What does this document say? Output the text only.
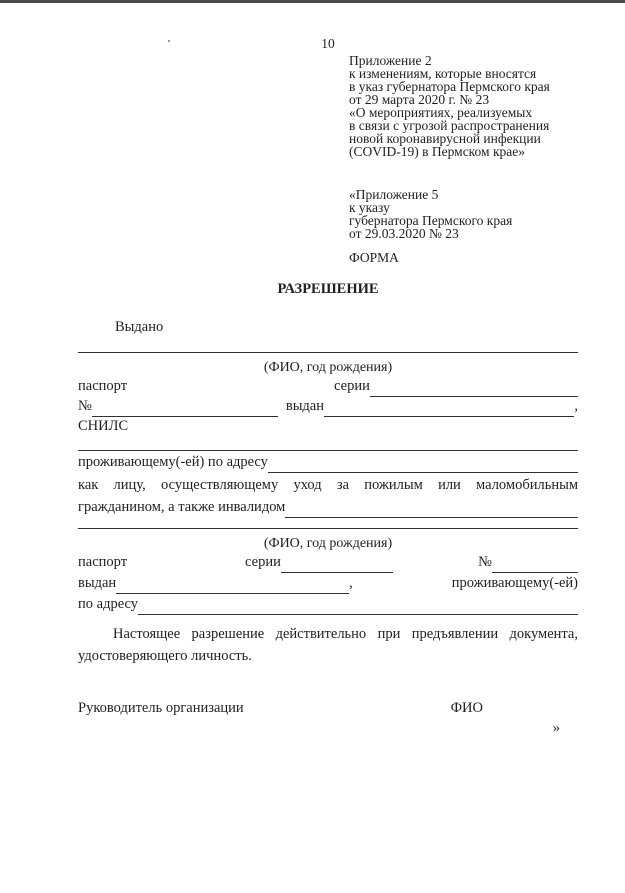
10
Приложение 2
к изменениям, которые вносятся
в указ губернатора Пермского края
от 29 марта 2020 г. № 23
«О мероприятиях, реализуемых
в связи с угрозой распространения
новой коронавирусной инфекции
(COVID-19) в Пермском крае»
«Приложение 5
к указу
губернатора Пермского края
от 29.03.2020 № 23
ФОРМА
РАЗРЕШЕНИЕ
Выдано
(ФИО, год рождения)
паспорт	серии
№	выдан	,
СНИЛС
проживающему(-ей) по адресу
как лицу, осуществляющему уход за пожилым или маломобильным
гражданином, а также инвалидом
(ФИО, год рождения)
паспорт	серии	№
выдан	,	проживающему(-ей)
по адресу
Настоящее разрешение действительно при предъявлении документа,
удостоверяющего личность.
Руководитель организации	ФИО
»
